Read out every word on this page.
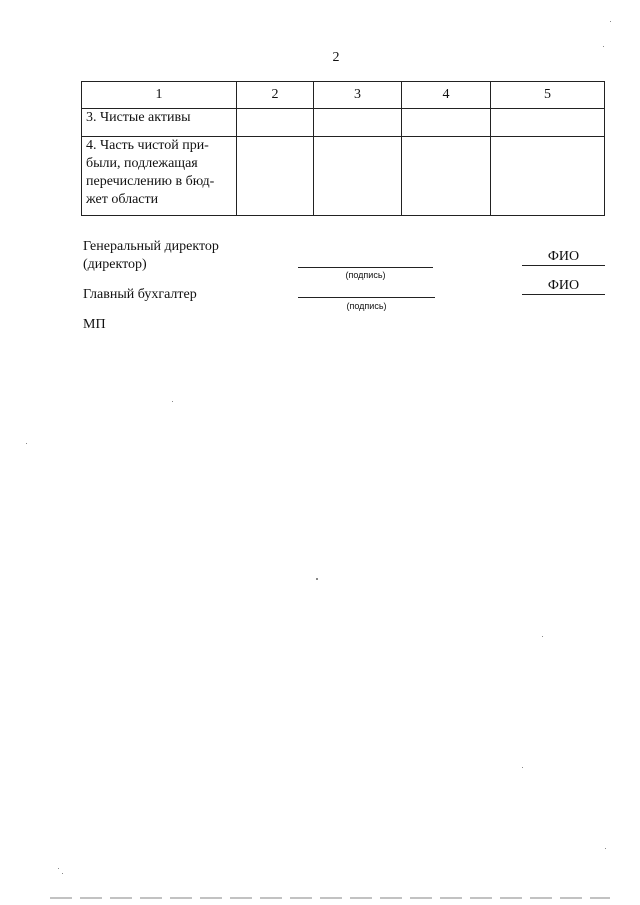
2
1	2	3	4	5
3. Чистые активы				
4. Часть чистой при-
были, подлежащая
перечислению в бюд-
жет области				
Генеральный директор
(директор)
(подпись)
ФИО
Главный бухгалтер
(подпись)
ФИО
МП
